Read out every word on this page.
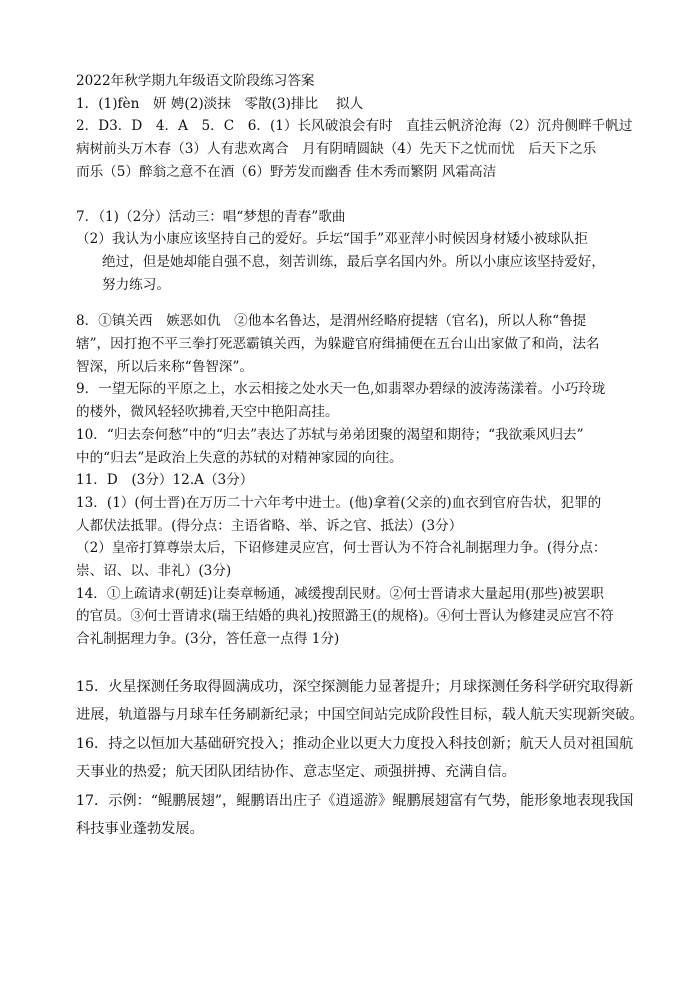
2022年秋学期九年级语文阶段练习答案
1．(1)fèn　妍 娉(2)淡抹　零散(3)排比　 拟人
2．D3．D　4．A　5．C　6．(1）长风破浪会有时　直挂云帆济沧海（2）沉舟侧畔千帆过
病树前头万木春（3）人有悲欢离合　月有阴晴圆缺（4）先天下之忧而忧　后天下之乐
而乐（5）醉翁之意不在酒（6）野芳发而幽香 佳木秀而繁阴 风霜高洁
7．（1)（2分）活动三：唱“梦想的青春”歌曲
（2）我认为小康应该坚持自己的爱好。乒坛“国手”邓亚萍小时候因身材矮小被球队拒
绝过，但是她却能自强不息，刻苦训练，最后享名国内外。所以小康应该坚持爱好，
努力练习。
8．①镇关西　嫉恶如仇　②他本名鲁达，是渭州经略府提辖（官名)，所以人称“鲁提
辖”，因打抱不平三拳打死恶霸镇关西，为躲避官府缉捕便在五台山出家做了和尚，法名
智深，所以后来称“鲁智深”。
9．一望无际的平原之上，水云相接之处水天一色,如翡翠办碧绿的波涛荡漾着。小巧玲珑
的楼外，微风轻轻吹拂着,天空中艳阳高挂。
10．“归去奈何愁”中的“归去”表达了苏轼与弟弟团聚的渴望和期待；“我欲乘风归去”
中的“归去”是政治上失意的苏轼的对精神家园的向往。
11．D　(3分）12.A（3分）
13．(1）(何士晋)在万历二十六年考中进士。(他)拿着(父亲的)血衣到官府告状，犯罪的
人都伏法抵罪。(得分点：主语省略、举、诉之官、抵法）(3分）
（2）皇帝打算尊崇太后，下诏修建灵应宫，何士晋认为不符合礼制据理力争。(得分点：
崇、诏、以、非礼）(3分)
14．①上疏请求(朝廷)让奏章畅通，减缓搜刮民财。②何士晋请求大量起用(那些)被罢职
的官员。③何士晋请求(瑞王结婚的典礼)按照潞王(的规格)。④何士晋认为修建灵应宫不符
合礼制据理力争。(3分，答任意一点得 1分)
15．火星探测任务取得圆满成功，深空探测能力显著提升；月球探测任务科学研究取得新
进展，轨道器与月球车任务刷新纪录；中国空间站完成阶段性目标，载人航天实现新突破。
16．持之以恒加大基础研究投入；推动企业以更大力度投入科技创新；航天人员对祖国航
天事业的热爱；航天团队团结协作、意志坚定、顽强拼搏、充满自信。
17．示例：“鲲鹏展翅”，鲲鹏语出庄子《逍遥游》鲲鹏展翅富有气势，能形象地表现我国
科技事业蓬勃发展。
